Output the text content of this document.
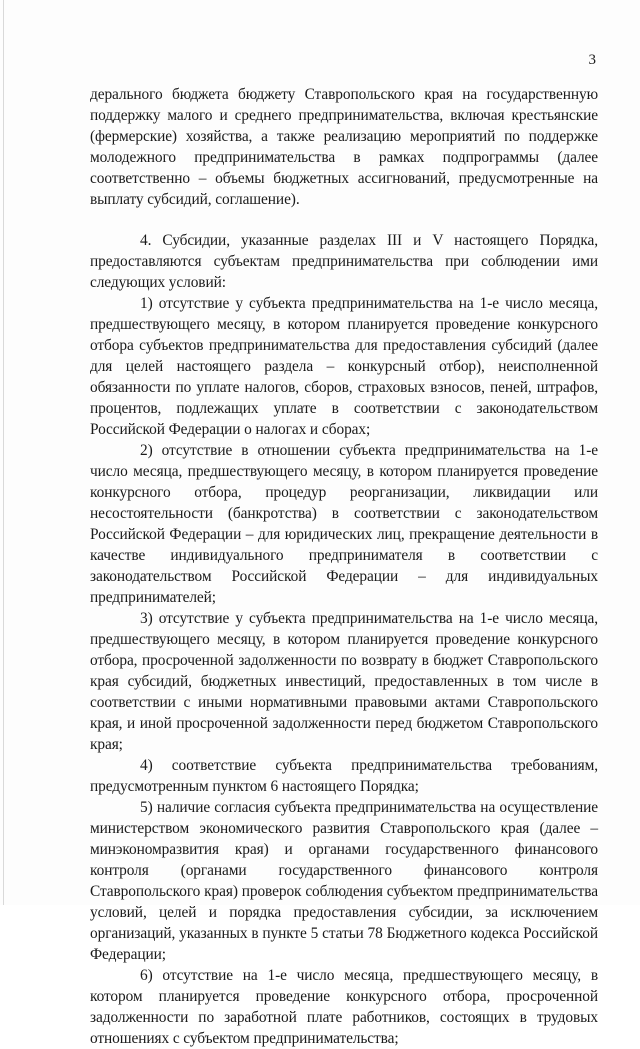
3

дерального бюджета бюджету Ставропольского края на государственную поддержку малого и среднего предпринимательства, включая крестьянские (фермерские) хозяйства, а также реализацию мероприятий по поддержке молодежного предпринимательства в рамках подпрограммы (далее соответственно – объемы бюджетных ассигнований, предусмотренные на выплату субсидий, соглашение).

4. Субсидии, указанные разделах III и V настоящего Порядка, предоставляются субъектам предпринимательства при соблюдении ими следующих условий:

1) отсутствие у субъекта предпринимательства на 1-е число месяца, предшествующего месяцу, в котором планируется проведение конкурсного отбора субъектов предпринимательства для предоставления субсидий (далее для целей настоящего раздела – конкурсный отбор), неисполненной обязанности по уплате налогов, сборов, страховых взносов, пеней, штрафов, процентов, подлежащих уплате в соответствии с законодательством Российской Федерации о налогах и сборах;

2) отсутствие в отношении субъекта предпринимательства на 1-е число месяца, предшествующего месяцу, в котором планируется проведение конкурсного отбора, процедур реорганизации, ликвидации или несостоятельности (банкротства) в соответствии с законодательством Российской Федерации – для юридических лиц, прекращение деятельности в качестве индивидуального предпринимателя в соответствии с законодательством Российской Федерации – для индивидуальных предпринимателей;

3) отсутствие у субъекта предпринимательства на 1-е число месяца, предшествующего месяцу, в котором планируется проведение конкурсного отбора, просроченной задолженности по возврату в бюджет Ставропольского края субсидий, бюджетных инвестиций, предоставленных в том числе в соответствии с иными нормативными правовыми актами Ставропольского края, и иной просроченной задолженности перед бюджетом Ставропольского края;

4) соответствие субъекта предпринимательства требованиям, предусмотренным пунктом 6 настоящего Порядка;

5) наличие согласия субъекта предпринимательства на осуществление министерством экономического развития Ставропольского края (далее – минэкономразвития края) и органами государственного финансового контроля (органами государственного финансового контроля Ставропольского края) проверок соблюдения субъектом предпринимательства условий, целей и порядка предоставления субсидии, за исключением организаций, указанных в пункте 5 статьи 78 Бюджетного кодекса Российской Федерации;

6) отсутствие на 1-е число месяца, предшествующего месяцу, в котором планируется проведение конкурсного отбора, просроченной задолженности по заработной плате работников, состоящих в трудовых отношениях с субъектом предпринимательства;
